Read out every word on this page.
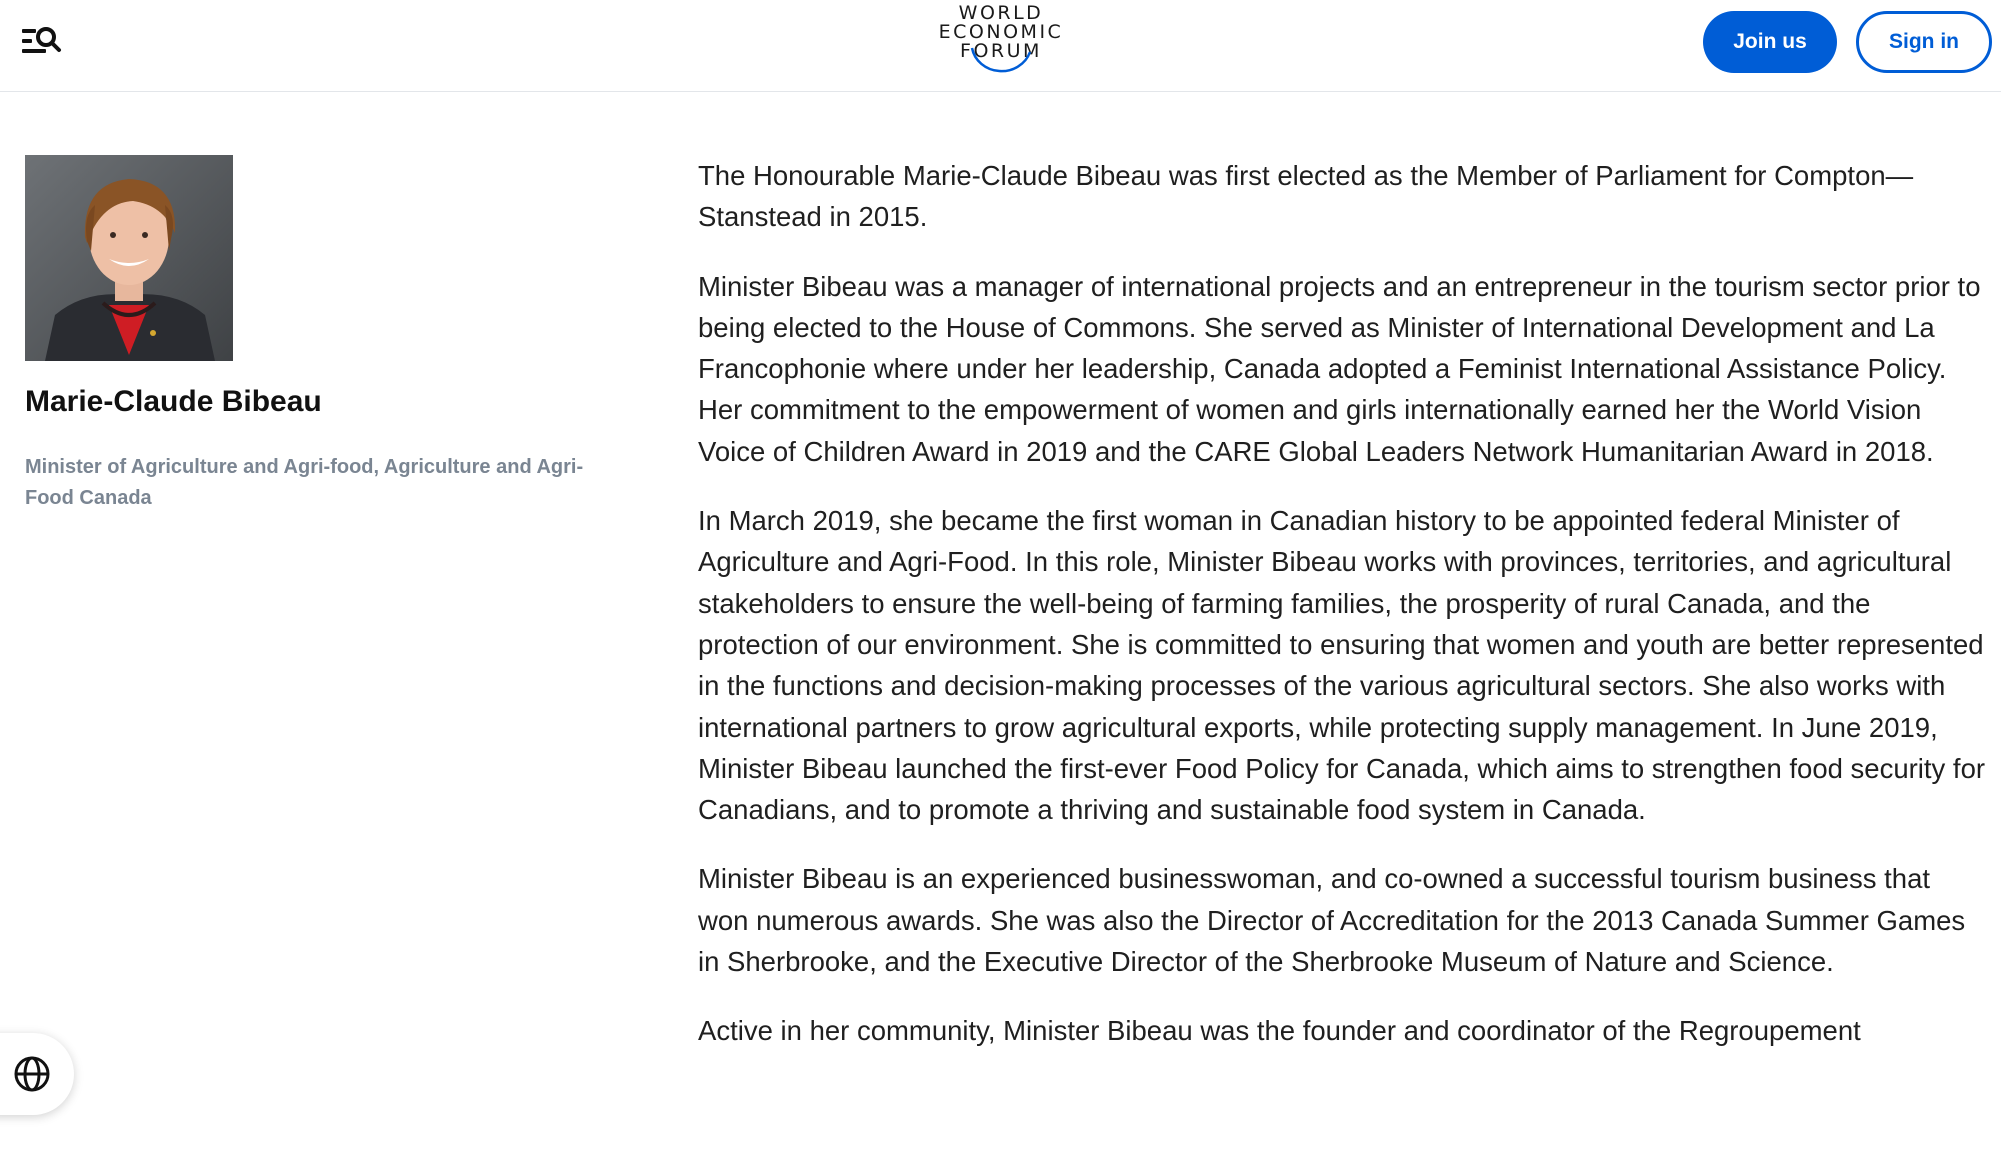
WORLD
ECONOMIC
FORUM	Join us	Sign in
Marie-Claude Bibeau
Minister of Agriculture and Agri-food, Agriculture and Agri-
Food Canada

The Honourable Marie-Claude Bibeau was first elected as the Member of Parliament for Compton—Stanstead in 2015.

Minister Bibeau was a manager of international projects and an entrepreneur in the tourism sector prior to being elected to the House of Commons. She served as Minister of International Development and La Francophonie where under her leadership, Canada adopted a Feminist International Assistance Policy. Her commitment to the empowerment of women and girls internationally earned her the World Vision Voice of Children Award in 2019 and the CARE Global Leaders Network Humanitarian Award in 2018.

In March 2019, she became the first woman in Canadian history to be appointed federal Minister of Agriculture and Agri-Food. In this role, Minister Bibeau works with provinces, territories, and agricultural stakeholders to ensure the well-being of farming families, the prosperity of rural Canada, and the protection of our environment. She is committed to ensuring that women and youth are better represented in the functions and decision-making processes of the various agricultural sectors. She also works with international partners to grow agricultural exports, while protecting supply management. In June 2019, Minister Bibeau launched the first-ever Food Policy for Canada, which aims to strengthen food security for Canadians, and to promote a thriving and sustainable food system in Canada.

Minister Bibeau is an experienced businesswoman, and co-owned a successful tourism business that won numerous awards. She was also the Director of Accreditation for the 2013 Canada Summer Games in Sherbrooke, and the Executive Director of the Sherbrooke Museum of Nature and Science.

Active in her community, Minister Bibeau was the founder and coordinator of the Regroupement
